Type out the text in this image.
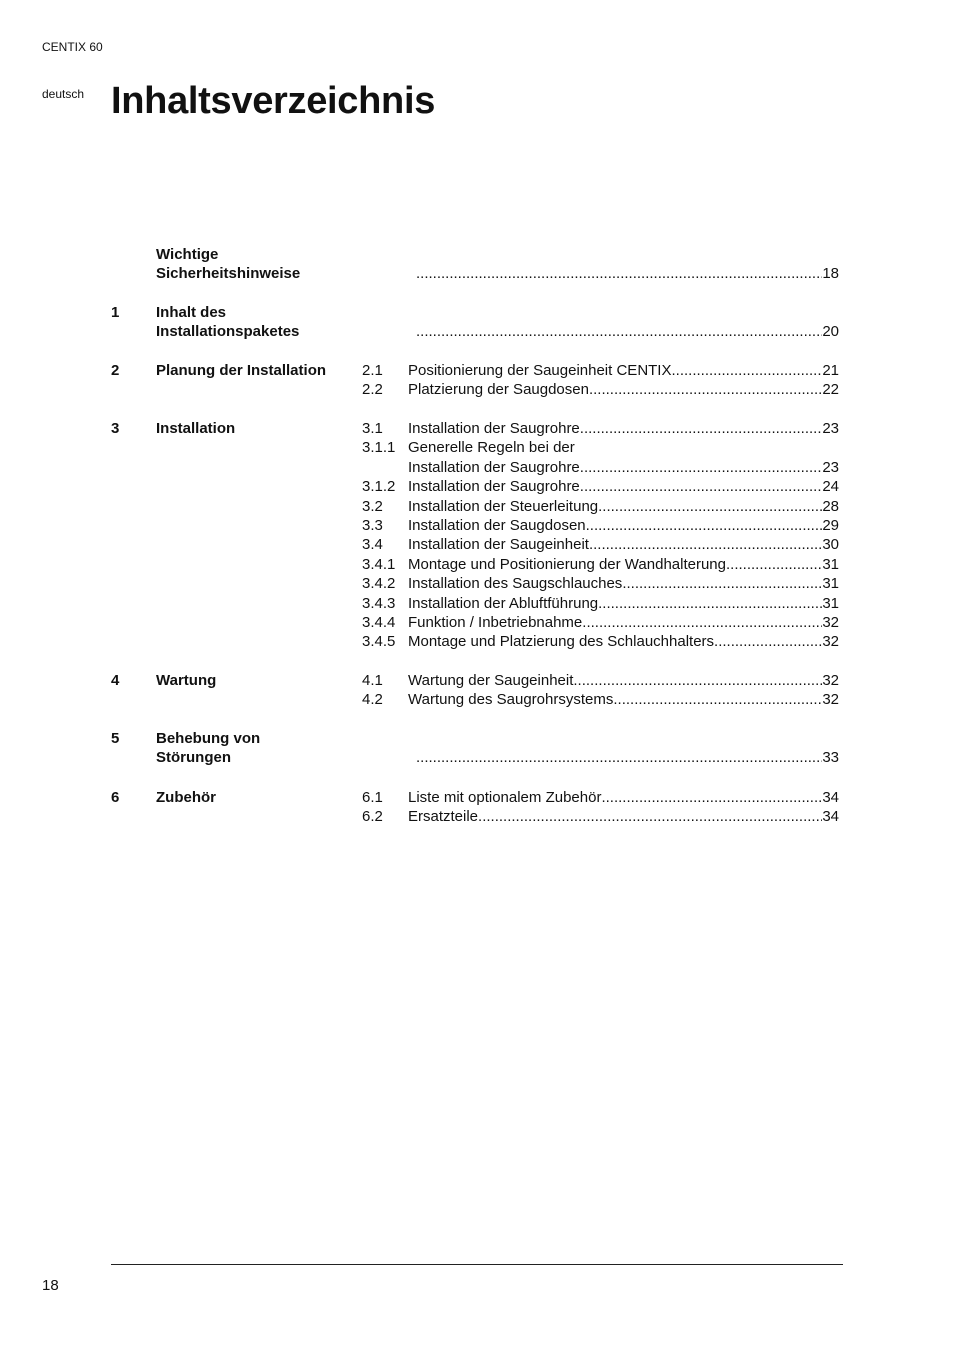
CENTIX 60
deutsch Inhaltsverzeichnis
Wichtige
Sicherheitshinweise .....	18
1 Inhalt des
Installationspaketes .....	20
2 Planung der Installation 2.1 Positionierung der Saugeinheit CENTIX .....	21
2.2 Platzierung der Saugdosen .....	22
3 Installation	3.1 Installation der Saugrohre .....	23
3.1.1 Generelle Regeln bei der
Installation der Saugrohre .....	23
3.1.2 Installation der Saugrohre .....	24
3.2 Installation der Steuerleitung .....	28
3.3 Installation der Saugdosen .....	29
3.4 Installation der Saugeinheit .....	30
3.4.1 Montage und Positionierung der Wandhalterung .....	31
3.4.2 Installation des Saugschlauches .....	31
3.4.3 Installation der Abluftführung .....	31
3.4.4 Funktion / Inbetriebnahme .....	32
3.4.5 Montage und Platzierung des Schlauchhalters .....	32
4 Wartung	4.1 Wartung der Saugeinheit .....	32
4.2 Wartung des Saugrohrsystems .....	32
5 Behebung von
Störungen .....	33
6 Zubehör	6.1 Liste mit optionalem Zubehör .....	34
6.2 Ersatzteile .....	34
18
